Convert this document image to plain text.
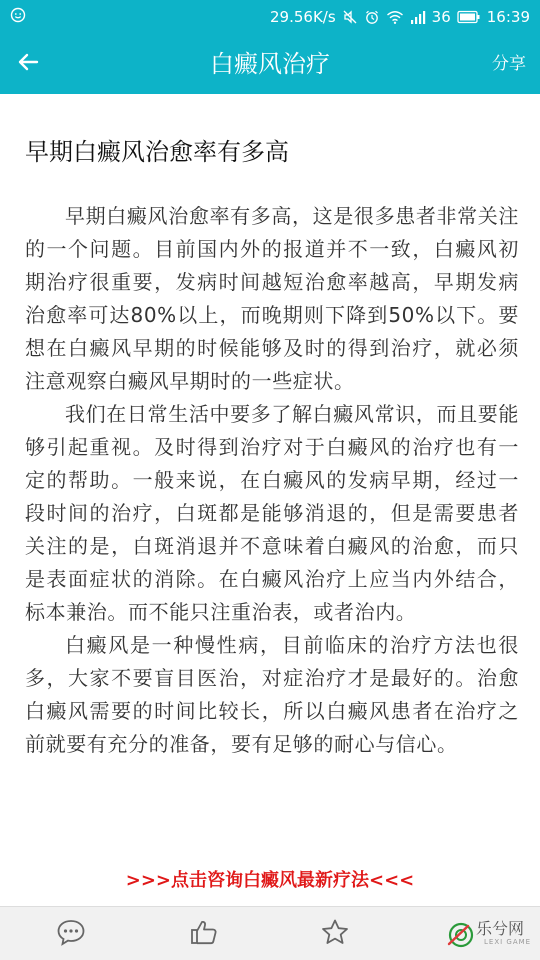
29.56K/s	36 16:39
白癜风治疗	分享
早期白癜风治愈率有多高

早期白癜风治愈率有多高，这是很多患者非常关注的一个问题。目前国内外的报道并不一致，白癜风初期治疗很重要，发病时间越短治愈率越高，早期发病治愈率可达80%以上，而晚期则下降到50%以下。要想在白癜风早期的时候能够及时的得到治疗，就必须注意观察白癜风早期时的一些症状。

我们在日常生活中要多了解白癜风常识，而且要能够引起重视。及时得到治疗对于白癜风的治疗也有一定的帮助。一般来说，在白癜风的发病早期，经过一段时间的治疗，白斑都是能够消退的，但是需要患者关注的是，白斑消退并不意味着白癜风的治愈，而只是表面症状的消除。在白癜风治疗上应当内外结合，标本兼治。而不能只注重治表，或者治内。

白癜风是一种慢性病，目前临床的治疗方法也很多，大家不要盲目医治，对症治疗才是最好的。治愈白癜风需要的时间比较长，所以白癜风患者在治疗之前就要有充分的准备，要有足够的耐心与信心。

>>>点击咨询白癜风最新疗法<<<
乐兮网
LEXI GAME
